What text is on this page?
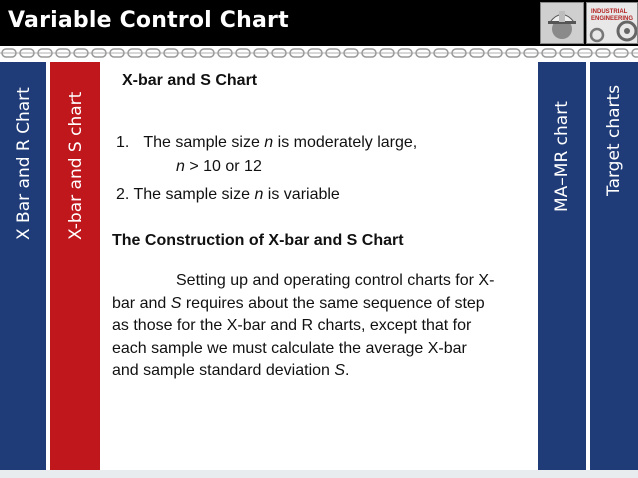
Variable Control Chart	INDUSTRIAL ENGINEERING
X Bar and R Chart X-bar and S chart	MA–MR chart Target charts
X-bar and S Chart
1. The sample size n is moderately large,
n > 10 or 12
2. The sample size n is variable
The Construction of X-bar and S Chart
Setting up and operating control charts for X-
bar and S requires about the same sequence of step
as those for the X-bar and R charts, except that for
each sample we must calculate the average X-bar
and sample standard deviation S.
